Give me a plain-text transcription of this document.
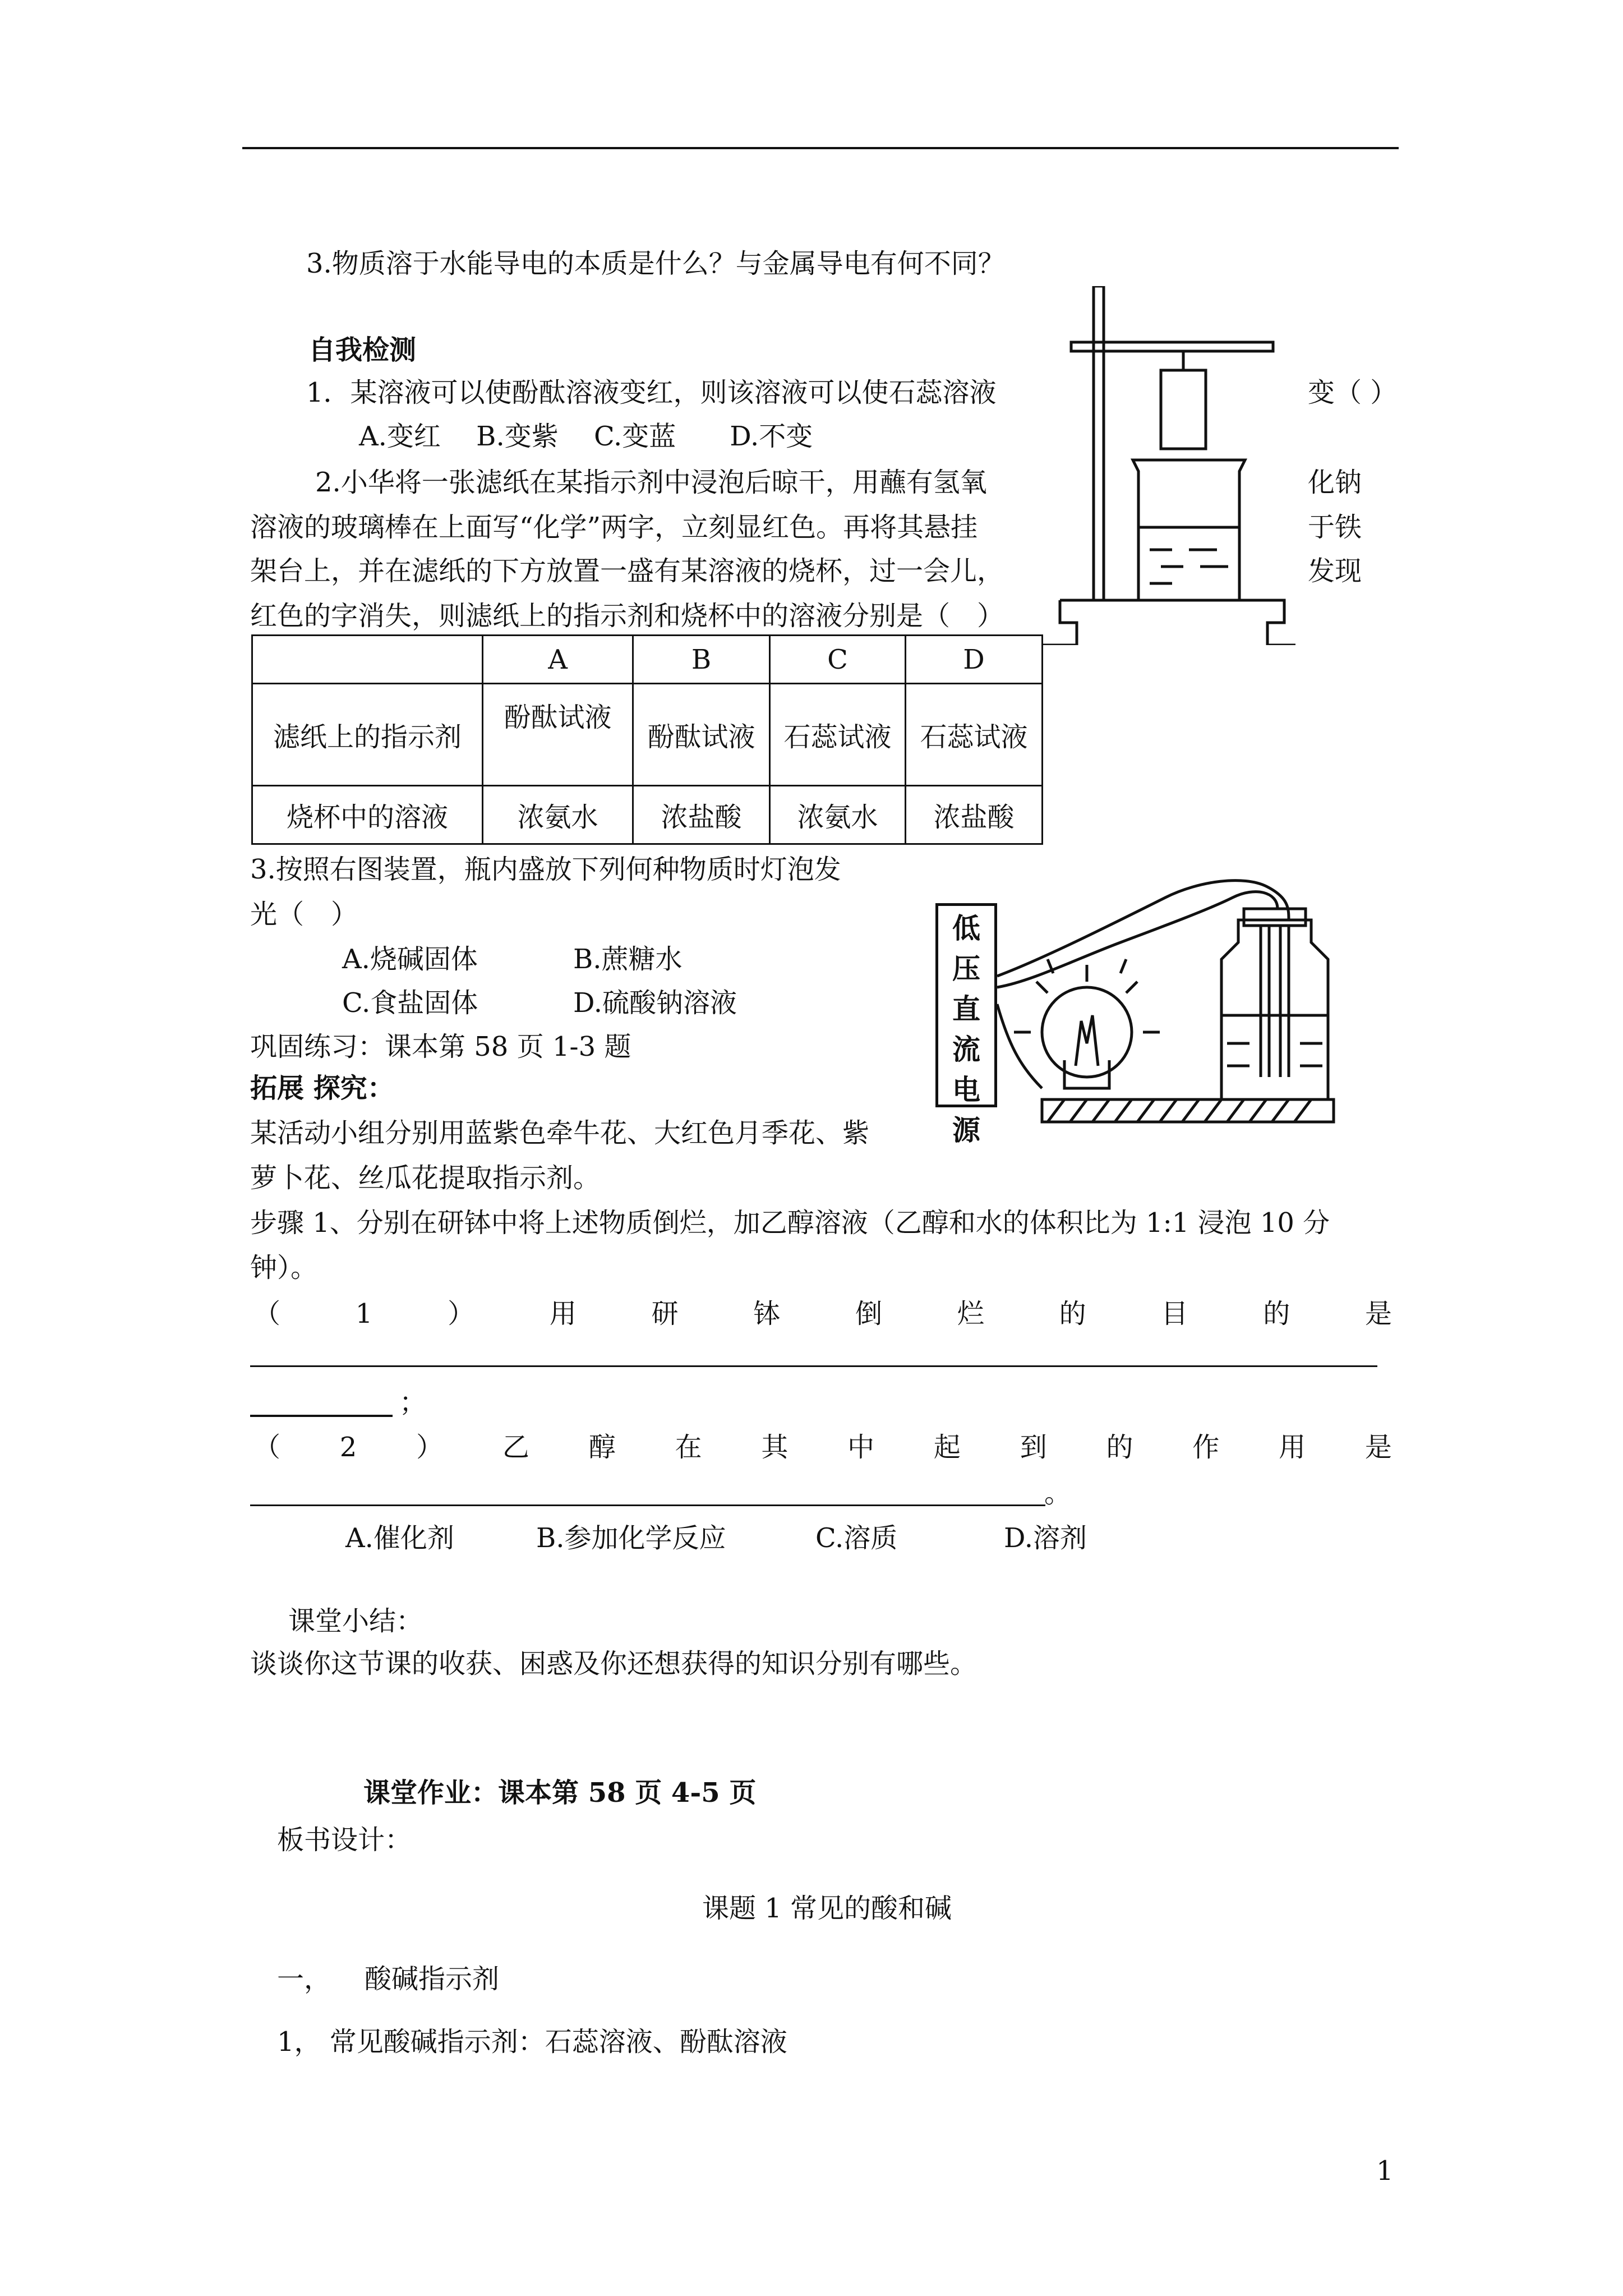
3.物质溶于水能导电的本质是什么？与金属导电有何不同？
自我检测
1．某溶液可以使酚酞溶液变红，则该溶液可以使石蕊溶液	变（ ）
A.变红　 B.变紫　 C.变蓝　　D.不变
2.小华将一张滤纸在某指示剂中浸泡后晾干，用蘸有氢氧	化钠
溶液的玻璃棒在上面写“化学”两字，立刻显红色。再将其悬挂	于铁
架台上，并在滤纸的下方放置一盛有某溶液的烧杯，过一会儿，	发现
红色的字消失，则滤纸上的指示剂和烧杯中的溶液分别是（　）
	A	B	C	D
滤纸上的指示剂	酚酞试液	酚酞试液	石蕊试液	石蕊试液
烧杯中的溶液	浓氨水	浓盐酸	浓氨水	浓盐酸
3.按照右图装置，瓶内盛放下列何种物质时灯泡发
光（　）
A.烧碱固体	B.蔗糖水
C.食盐固体	D.硫酸钠溶液
低
压
直
流
电
源
巩固练习：课本第 58 页 1-3 题
拓展 探究：
某活动小组分别用蓝紫色牵牛花、大红色月季花、紫
萝卜花、丝瓜花提取指示剂。
步骤 1、分别在研钵中将上述物质倒烂，加乙醇溶液（乙醇和水的体积比为 1:1 浸泡 10 分
钟）。
（	1	）	用	研	钵	倒	烂	的	目	的	是
；
（ 2 ） 乙 醇 在 其 中 起 到 的 作 用 是
。
A.催化剂	B.参加化学反应	C.溶质	D.溶剂
课堂小结：
谈谈你这节课的收获、困惑及你还想获得的知识分别有哪些。
课堂作业：课本第 58 页 4-5 页
板书设计：
课题 1 常见的酸和碱
一， 酸碱指示剂
1， 常见酸碱指示剂：石蕊溶液、酚酞溶液
1
